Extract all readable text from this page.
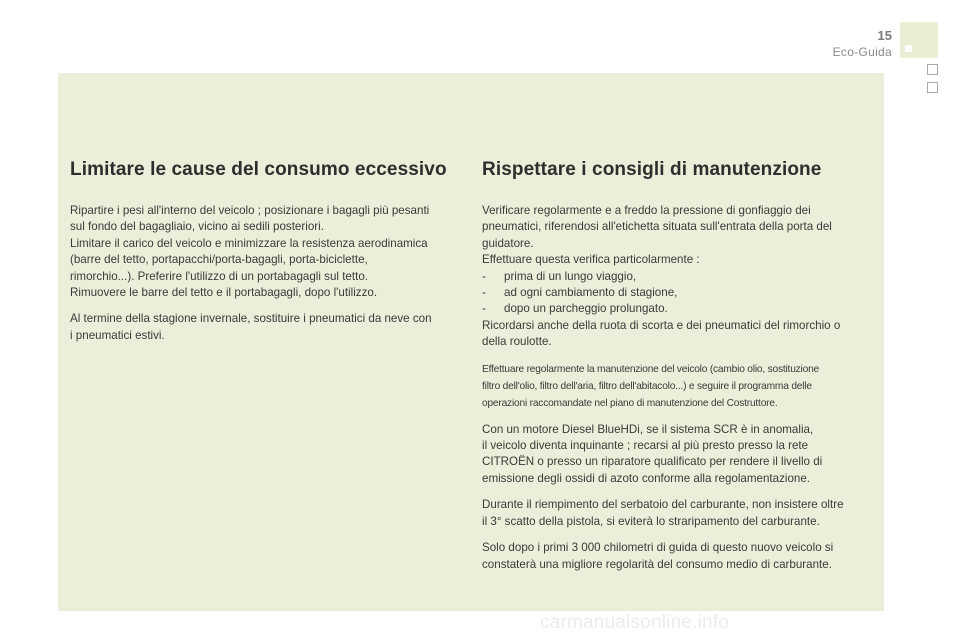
15
Eco-Guida
Limitare le cause del consumo eccessivo

Ripartire i pesi all'interno del veicolo ; posizionare i bagagli più pesanti
sul fondo del bagagliaio, vicino ai sedili posteriori.
Limitare il carico del veicolo e minimizzare la resistenza aerodinamica
(barre del tetto, portapacchi/porta-bagagli, porta-biciclette,
rimorchio...). Preferire l'utilizzo di un portabagagli sul tetto.
Rimuovere le barre del tetto e il portabagagli, dopo l'utilizzo.

Al termine della stagione invernale, sostituire i pneumatici da neve con
i pneumatici estivi.

Rispettare i consigli di manutenzione

Verificare regolarmente e a freddo la pressione di gonfiaggio dei
pneumatici, riferendosi all'etichetta situata sull'entrata della porta del
guidatore.
Effettuare questa verifica particolarmente :
- prima di un lungo viaggio,
- ad ogni cambiamento di stagione,
- dopo un parcheggio prolungato.
Ricordarsi anche della ruota di scorta e dei pneumatici del rimorchio o
della roulotte.

Effettuare regolarmente la manutenzione del veicolo (cambio olio, sostituzione
filtro dell'olio, filtro dell'aria, filtro dell'abitacolo...) e seguire il programma delle
operazioni raccomandate nel piano di manutenzione del Costruttore.

Con un motore Diesel BlueHDi, se il sistema SCR è in anomalia,
il veicolo diventa inquinante ; recarsi al più presto presso la rete
CITROËN o presso un riparatore qualificato per rendere il livello di
emissione degli ossidi di azoto conforme alla regolamentazione.

Durante il riempimento del serbatoio del carburante, non insistere oltre
il 3° scatto della pistola, si eviterà lo straripamento del carburante.

Solo dopo i primi 3 000 chilometri di guida di questo nuovo veicolo si
constaterà una migliore regolarità del consumo medio di carburante.

carmanualsonline.info
